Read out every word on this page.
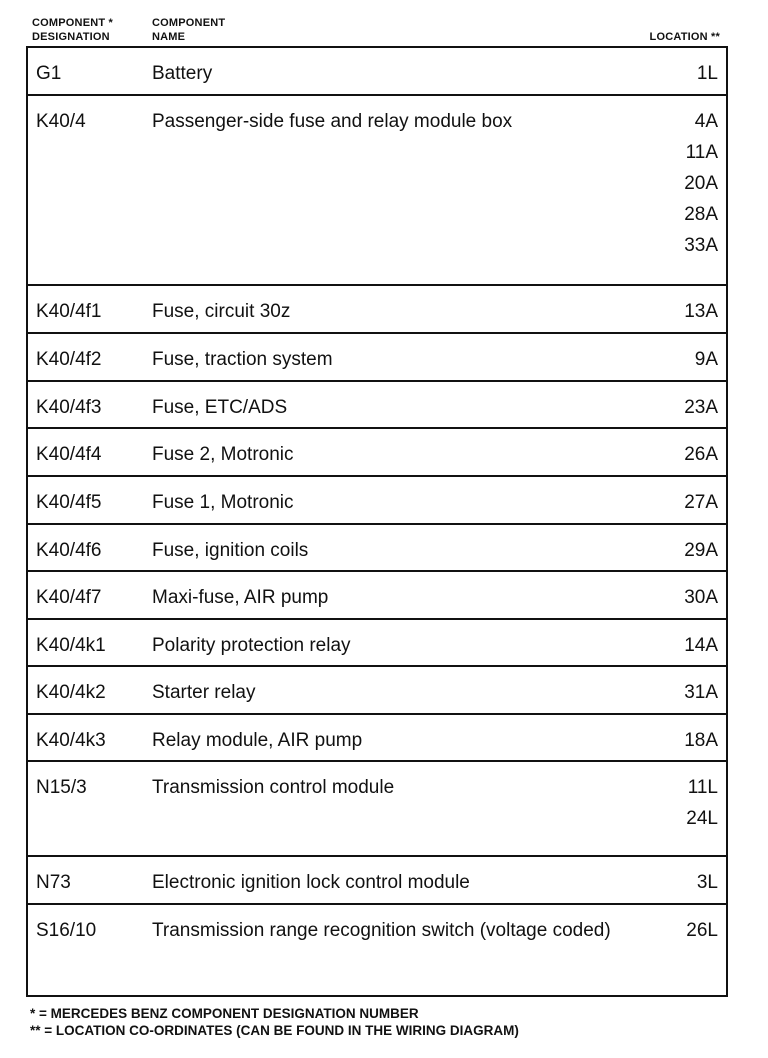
COMPONENT *
DESIGNATION
COMPONENT
NAME	LOCATION **
G1	Battery	1L
K40/4	Passenger-side fuse and relay module box	4A
11A
20A
28A
33A
K40/4f1	Fuse, circuit 30z	13A
K40/4f2	Fuse, traction system	9A
K40/4f3	Fuse, ETC/ADS	23A
K40/4f4	Fuse 2, Motronic	26A
K40/4f5	Fuse 1, Motronic	27A
K40/4f6	Fuse, ignition coils	29A
K40/4f7	Maxi-fuse, AIR pump	30A
K40/4k1 Polarity protection relay	14A
K40/4k2 Starter relay	31A
K40/4k3 Relay module, AIR pump	18A
N15/3	Transmission control module	11L
24L
N73	Electronic ignition lock control module	3L
S16/10	Transmission range recognition switch (voltage coded)	26L
* = MERCEDES BENZ COMPONENT DESIGNATION NUMBER
** = LOCATION CO-ORDINATES (CAN BE FOUND IN THE WIRING DIAGRAM)
